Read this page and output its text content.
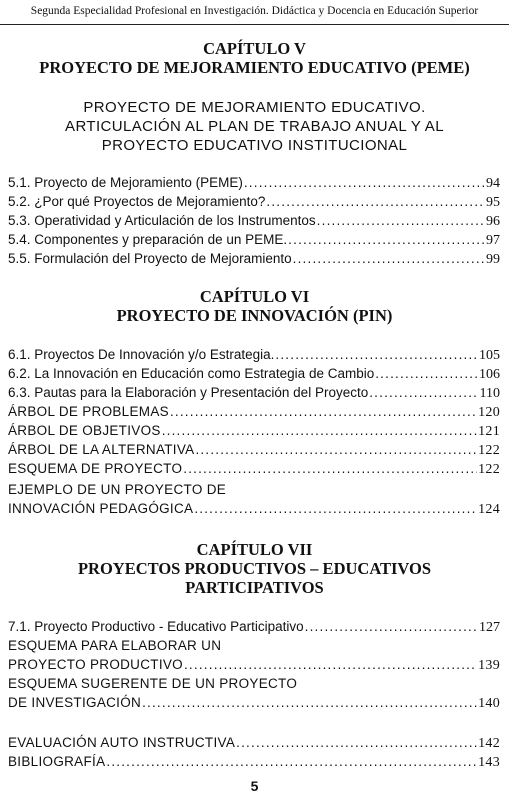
Segunda Especialidad Profesional en Investigación. Didáctica y Docencia en Educación Superior
CAPÍTULO V
PROYECTO DE MEJORAMIENTO EDUCATIVO (PEME)
PROYECTO DE MEJORAMIENTO EDUCATIVO.
ARTICULACIÓN AL PLAN DE TRABAJO ANUAL Y AL
PROYECTO EDUCATIVO INSTITUCIONAL
5.1. Proyecto de Mejoramiento (PEME) .....	94
5.2. ¿Por qué Proyectos de Mejoramiento? .....	95
5.3. Operatividad y Articulación de los Instrumentos .....	96
5.4. Componentes y preparación de un PEME. .....	97
5.5. Formulación del Proyecto de Mejoramiento .....	99
CAPÍTULO VI
PROYECTO DE INNOVACIÓN (PIN)
6.1. Proyectos De Innovación y/o Estrategia. .....	105
6.2. La Innovación en Educación como Estrategia de Cambio .....	106
6.3. Pautas para la Elaboración y Presentación del Proyecto .....	110
ÁRBOL DE PROBLEMAS .....	120
ÁRBOL DE OBJETIVOS .....	121
ÁRBOL DE LA ALTERNATIVA .....	122
ESQUEMA DE PROYECTO .....	122
EJEMPLO DE UN PROYECTO DE
INNOVACIÓN PEDAGÓGICA .....	124
CAPÍTULO VII
PROYECTOS PRODUCTIVOS – EDUCATIVOS
PARTICIPATIVOS
7.1. Proyecto Productivo - Educativo Participativo .....	127
ESQUEMA PARA ELABORAR UN
PROYECTO PRODUCTIVO .....	139
ESQUEMA SUGERENTE DE UN PROYECTO
DE INVESTIGACIÓN .....	140
EVALUACIÓN AUTO INSTRUCTIVA .....	142
BIBLIOGRAFÍA .....	143
5
